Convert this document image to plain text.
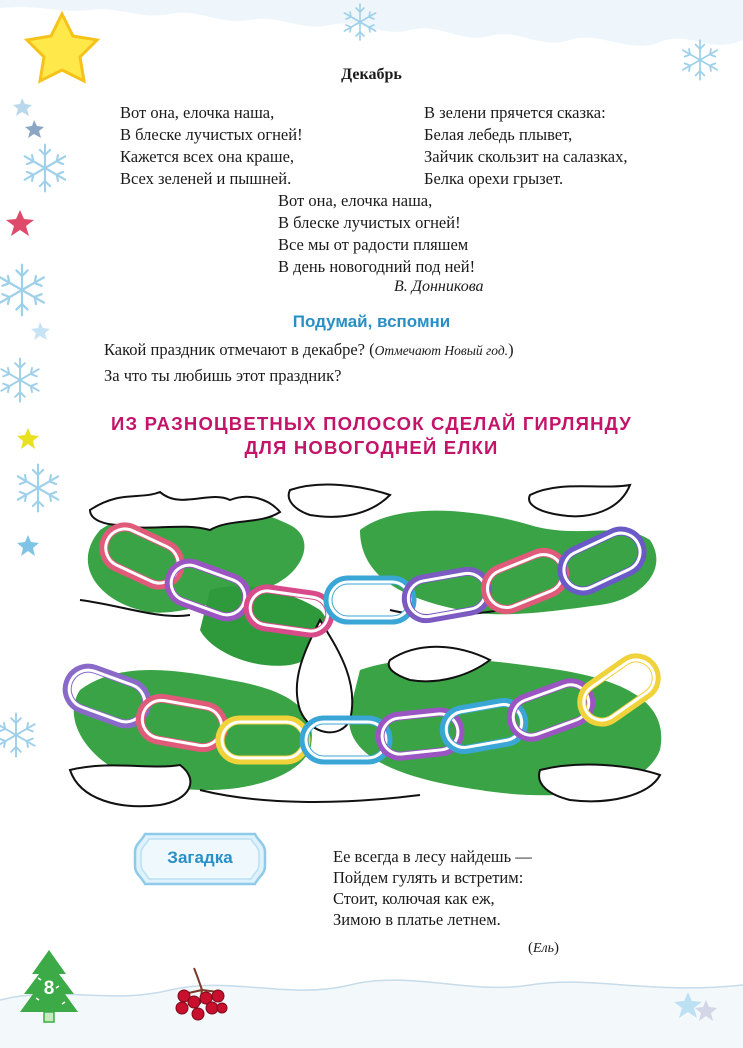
Декабрь
Вот она, елочка наша,
В блеске лучистых огней!
Кажется всех она краше,
Всех зеленей и пышней.
В зелени прячется сказка:
Белая лебедь плывет,
Зайчик скользит на салазках,
Белка орехи грызет.
Вот она, елочка наша,
В блеске лучистых огней!
Все мы от радости пляшем
В день новогодний под ней!
В. Донникова
Подумай, вспомни
Какой праздник отмечают в декабре? (Отмечают Новый год.)
За что ты любишь этот праздник?
ИЗ РАЗНОЦВЕТНЫХ ПОЛОСОК СДЕЛАЙ ГИРЛЯНДУ
ДЛЯ НОВОГОДНЕЙ ЕЛКИ
Загадка	Ее всегда в лесу найдешь —
Пойдем гулять и встретим:
Стоит, колючая как еж,
Зимою в платье летнем.
(Ель)
8
